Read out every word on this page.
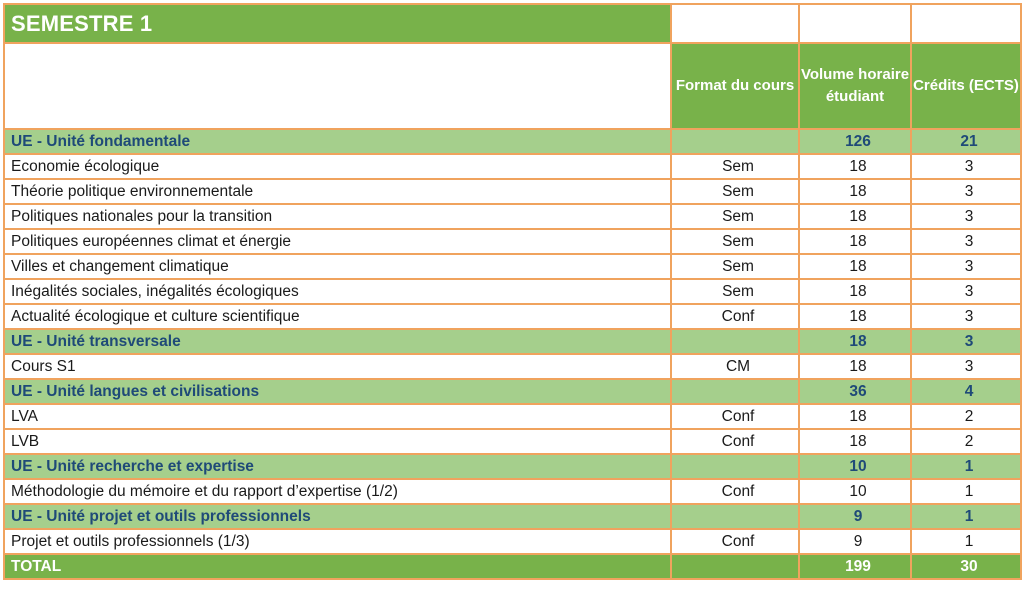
SEMESTRE 1			
	Format du cours	Volume horaire étudiant	Crédits (ECTS)
UE - Unité fondamentale		126	21
Economie écologique	Sem	18	3
Théorie politique environnementale	Sem	18	3
Politiques nationales pour la transition	Sem	18	3
Politiques européennes climat et énergie	Sem	18	3
Villes et changement climatique	Sem	18	3
Inégalités sociales, inégalités écologiques	Sem	18	3
Actualité écologique et culture scientifique	Conf	18	3
UE - Unité transversale		18	3
Cours S1	CM	18	3
UE - Unité langues et civilisations		36	4
LVA	Conf	18	2
LVB	Conf	18	2
UE - Unité recherche et expertise		10	1
Méthodologie du mémoire et du rapport d’expertise (1/2)	Conf	10	1
UE - Unité projet et outils professionnels		9	1
Projet et outils professionnels (1/3)	Conf	9	1
TOTAL		199	30
